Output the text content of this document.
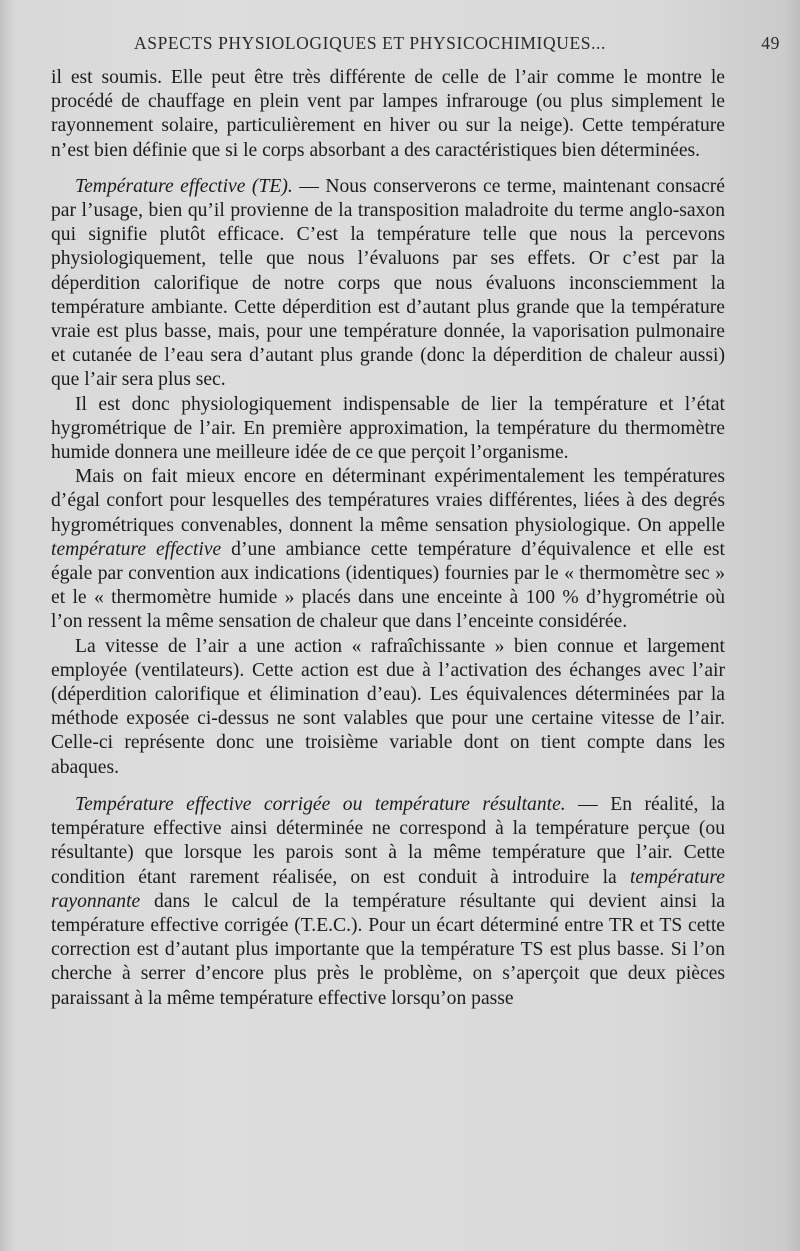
ASPECTS PHYSIOLOGIQUES ET PHYSICOCHIMIQUES...	49

il est soumis. Elle peut être très différente de celle de l’air comme le montre le procédé de chauffage en plein vent par lampes infrarouge (ou plus simplement le rayonnement solaire, particulièrement en hiver ou sur la neige). Cette température n’est bien définie que si le corps absorbant a des caractéristiques bien déterminées.

Température effective (TE). — Nous conserverons ce terme, maintenant consacré par l’usage, bien qu’il provienne de la transposition maladroite du terme anglo-saxon qui signifie plutôt efficace. C’est la température telle que nous la percevons physiologiquement, telle que nous l’évaluons par ses effets. Or c’est par la déperdition calorifique de notre corps que nous évaluons inconsciemment la température ambiante. Cette déperdition est d’autant plus grande que la température vraie est plus basse, mais, pour une température donnée, la vaporisation pulmonaire et cutanée de l’eau sera d’autant plus grande (donc la déperdition de chaleur aussi) que l’air sera plus sec.

Il est donc physiologiquement indispensable de lier la température et l’état hygrométrique de l’air. En première approximation, la température du thermomètre humide donnera une meilleure idée de ce que perçoit l’organisme.

Mais on fait mieux encore en déterminant expérimentalement les températures d’égal confort pour lesquelles des températures vraies différentes, liées à des degrés hygrométriques convenables, donnent la même sensation physiologique. On appelle température effective d’une ambiance cette température d’équivalence et elle est égale par convention aux indications (identiques) fournies par le « thermomètre sec » et le « thermomètre humide » placés dans une enceinte à 100 % d’hygrométrie où l’on ressent la même sensation de chaleur que dans l’enceinte considérée.

La vitesse de l’air a une action « rafraîchissante » bien connue et largement employée (ventilateurs). Cette action est due à l’activation des échanges avec l’air (déperdition calorifique et élimination d’eau). Les équivalences déterminées par la méthode exposée ci-dessus ne sont valables que pour une certaine vitesse de l’air. Celle-ci représente donc une troisième variable dont on tient compte dans les abaques.

Température effective corrigée ou température résultante. — En réalité, la température effective ainsi déterminée ne correspond à la température perçue (ou résultante) que lorsque les parois sont à la même température que l’air. Cette condition étant rarement réalisée, on est conduit à introduire la température rayonnante dans le calcul de la température résultante qui devient ainsi la température effective corrigée (T.E.C.). Pour un écart déterminé entre TR et TS cette correction est d’autant plus importante que la température TS est plus basse. Si l’on cherche à serrer d’encore plus près le problème, on s’aperçoit que deux pièces paraissant à la même température effective lorsqu’on passe
